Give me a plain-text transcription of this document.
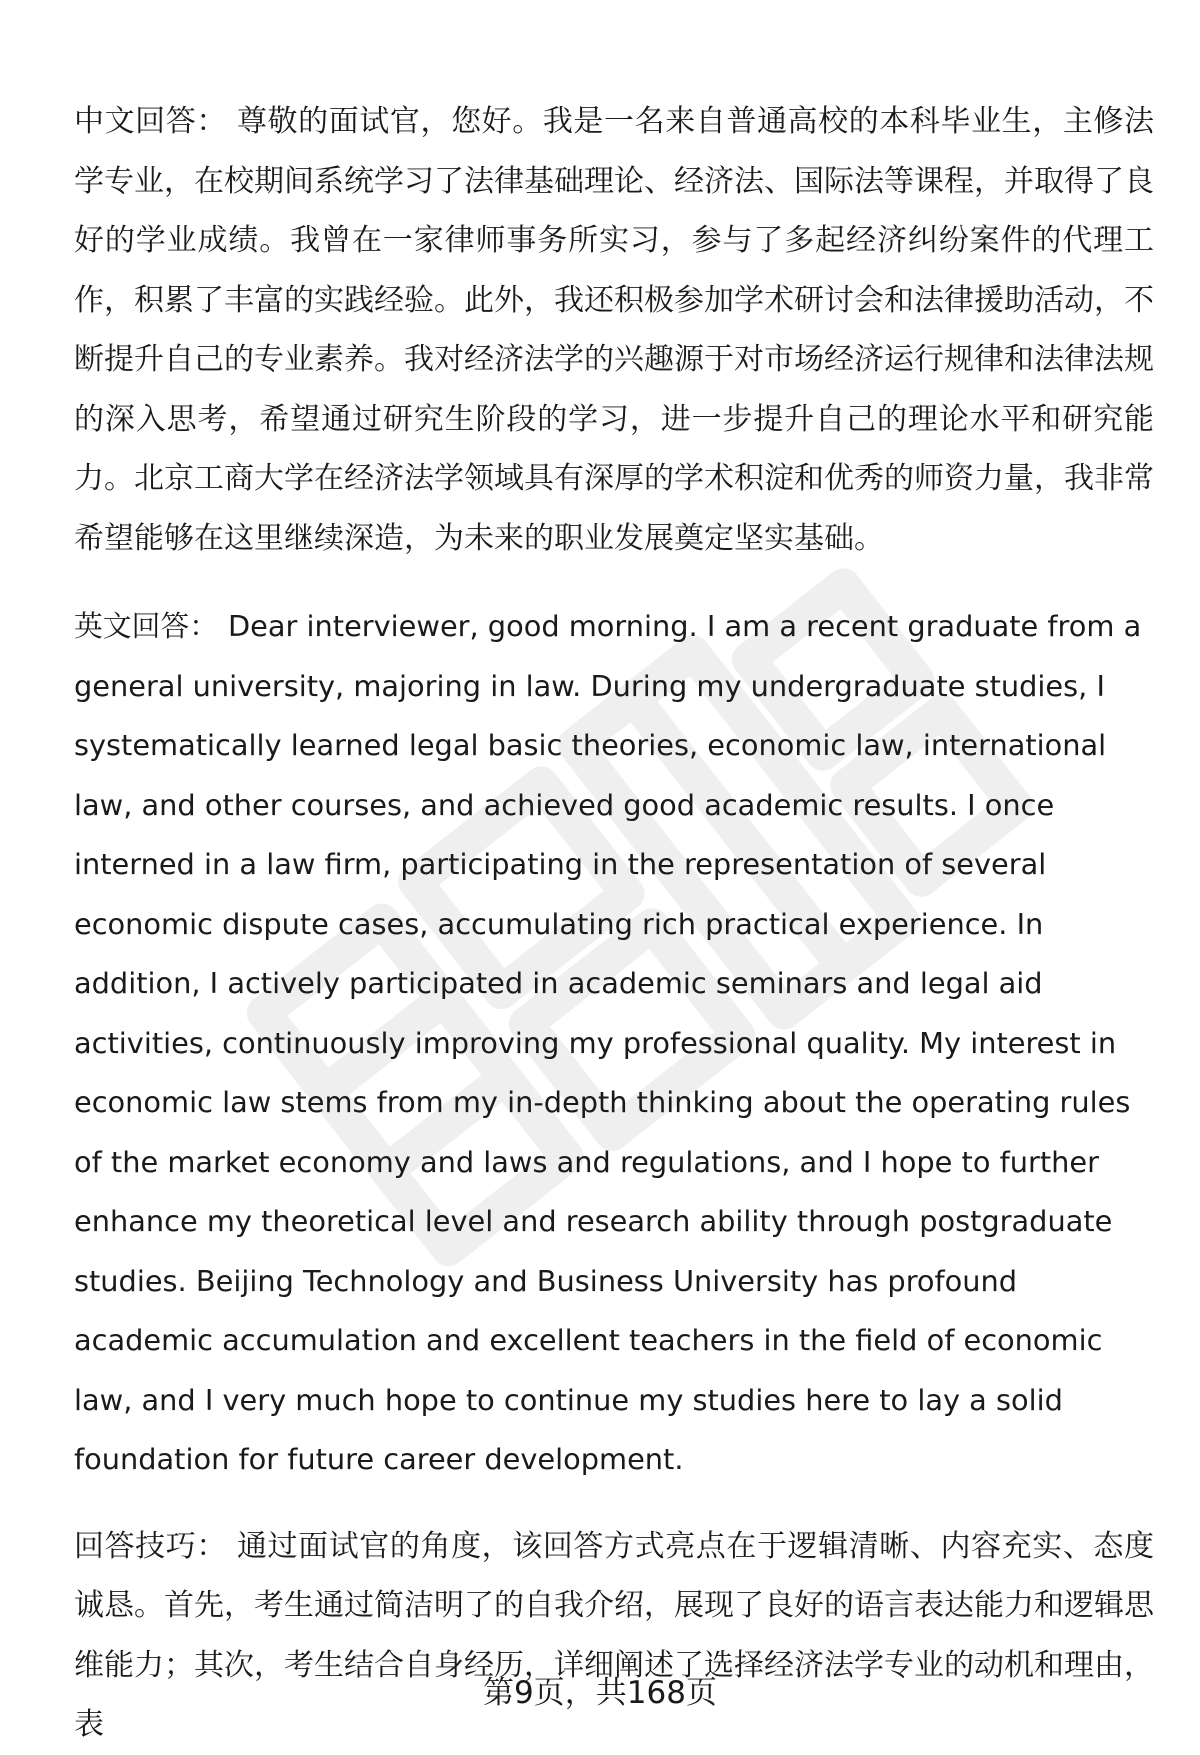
中文回答： 尊敬的面试官，您好。我是一名来自普通高校的本科毕业生，主修法学专业，在校期间系统学习了法律基础理论、经济法、国际法等课程，并取得了良好的学业成绩。我曾在一家律师事务所实习，参与了多起经济纠纷案件的代理工作，积累了丰富的实践经验。此外，我还积极参加学术研讨会和法律援助活动，不断提升自己的专业素养。我对经济法学的兴趣源于对市场经济运行规律和法律法规的深入思考，希望通过研究生阶段的学习，进一步提升自己的理论水平和研究能力。北京工商大学在经济法学领域具有深厚的学术积淀和优秀的师资力量，我非常希望能够在这里继续深造，为未来的职业发展奠定坚实基础。

英文回答： Dear interviewer, good morning. I am a recent graduate from a general university, majoring in law. During my undergraduate studies, I systematically learned legal basic theories, economic law, international law, and other courses, and achieved good academic results. I once interned in a law firm, participating in the representation of several economic dispute cases, accumulating rich practical experience. In addition, I actively participated in academic seminars and legal aid activities, continuously improving my professional quality. My interest in economic law stems from my in-depth thinking about the operating rules of the market economy and laws and regulations, and I hope to further enhance my theoretical level and research ability through postgraduate studies. Beijing Technology and Business University has profound academic accumulation and excellent teachers in the field of economic law, and I very much hope to continue my studies here to lay a solid foundation for future career development.

回答技巧： 通过面试官的角度，该回答方式亮点在于逻辑清晰、内容充实、态度诚恳。首先，考生通过简洁明了的自我介绍，展现了良好的语言表达能力和逻辑思维能力；其次，考生结合自身经历，详细阐述了选择经济法学专业的动机和理由，表

第9页，共168页
